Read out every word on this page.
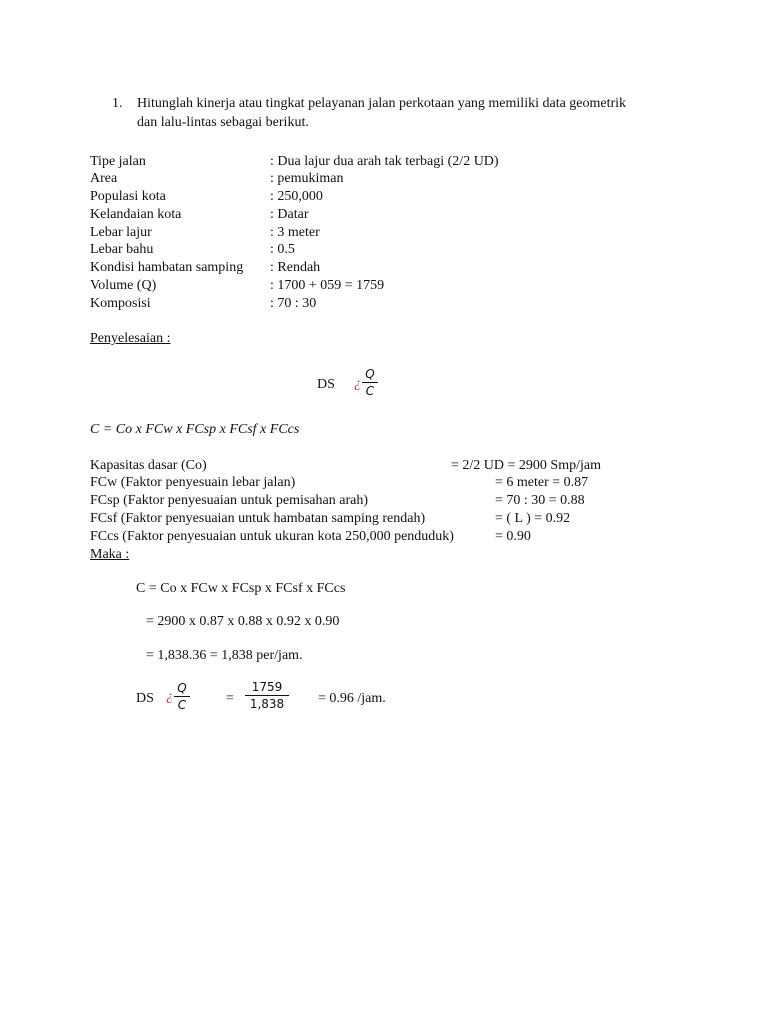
1. Hitunglah kinerja atau tingkat pelayanan jalan perkotaan yang memiliki data geometrik
dan lalu-lintas sebagai berikut.
Tipe jalan	: Dua lajur dua arah tak terbagi (2/2 UD)
Area	: pemukiman
Populasi kota	: 250,000
Kelandaian kota	: Datar
Lebar lajur	: 3 meter
Lebar bahu	: 0.5
Kondisi hambatan samping : Rendah
Volume (Q)	: 1700 + 059 = 1759
Komposisi	: 70 : 30
Penyelesaian :
DS ¿ $\frac{Q}{C}$
C = Co x FCw x FCsp x FCsf x FCcs
Kapasitas dasar (Co)	= 2/2 UD = 2900 Smp/jam
FCw (Faktor penyesuain lebar jalan)	= 6 meter = 0.87
FCsp (Faktor penyesuaian untuk pemisahan arah)	= 70 : 30 = 0.88
FCsf (Faktor penyesuaian untuk hambatan samping rendah)	= ( L ) = 0.92
FCcs (Faktor penyesuaian untuk ukuran kota 250,000 penduduk)	= 0.90
Maka :
C = Co x FCw x FCsp x FCsf x FCcs
= 2900 x 0.87 x 0.88 x 0.92 x 0.90
= 1,838.36 = 1,838 per/jam.
DS ¿ $\frac{Q}{C}$	= $\frac{1759}{1,838} = 0.96$ /jam.
